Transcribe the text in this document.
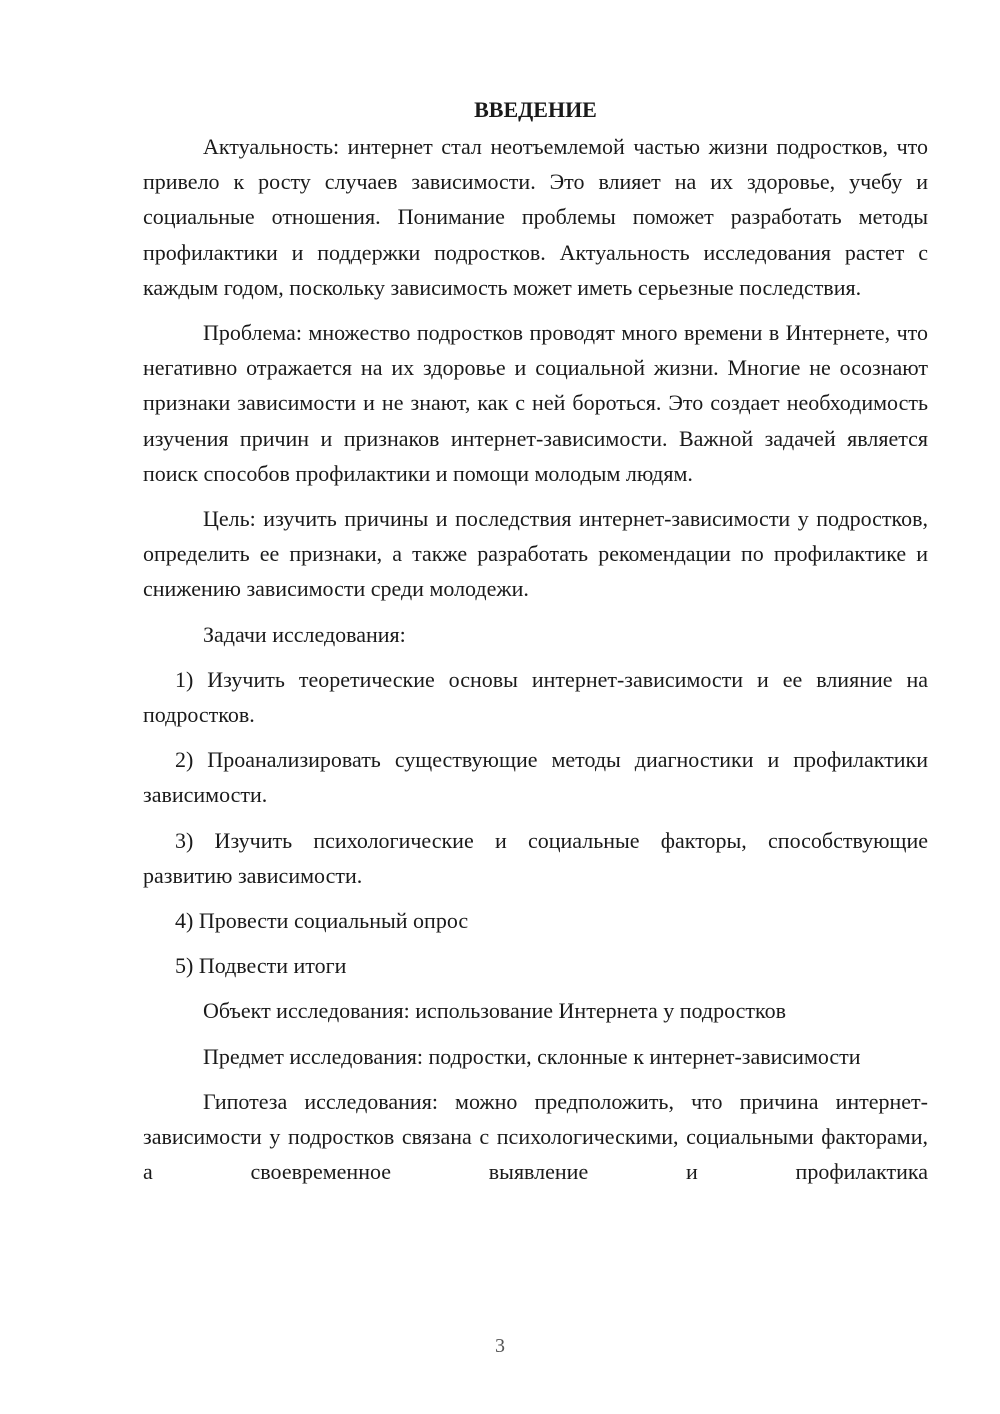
ВВЕДЕНИЕ

Актуальность: интернет стал неотъемлемой частью жизни подростков, что привело к росту случаев зависимости. Это влияет на их здоровье, учебу и социальные отношения. Понимание проблемы поможет разработать методы профилактики и поддержки подростков. Актуальность исследования растет с каждым годом, поскольку зависимость может иметь серьезные последствия.

Проблема: множество подростков проводят много времени в Интернете, что негативно отражается на их здоровье и социальной жизни. Многие не осознают признаки зависимости и не знают, как с ней бороться. Это создает необходимость изучения причин и признаков интернет-зависимости. Важной задачей является поиск способов профилактики и помощи молодым людям.

Цель: изучить причины и последствия интернет-зависимости у подростков, определить ее признаки, а также разработать рекомендации по профилактике и снижению зависимости среди молодежи.

Задачи исследования:

1) Изучить теоретические основы интернет-зависимости и ее влияние на подростков.

2) Проанализировать существующие методы диагностики и профилактики зависимости.

3) Изучить психологические и социальные факторы, способствующие развитию зависимости.

4) Провести социальный опрос

5) Подвести итоги

Объект исследования: использование Интернета у подростков

Предмет исследования: подростки, склонные к интернет-зависимости

Гипотеза исследования: можно предположить, что причина интернет-зависимости у подростков связана с психологическими, социальными факторами, а своевременное выявление и профилактика

3
